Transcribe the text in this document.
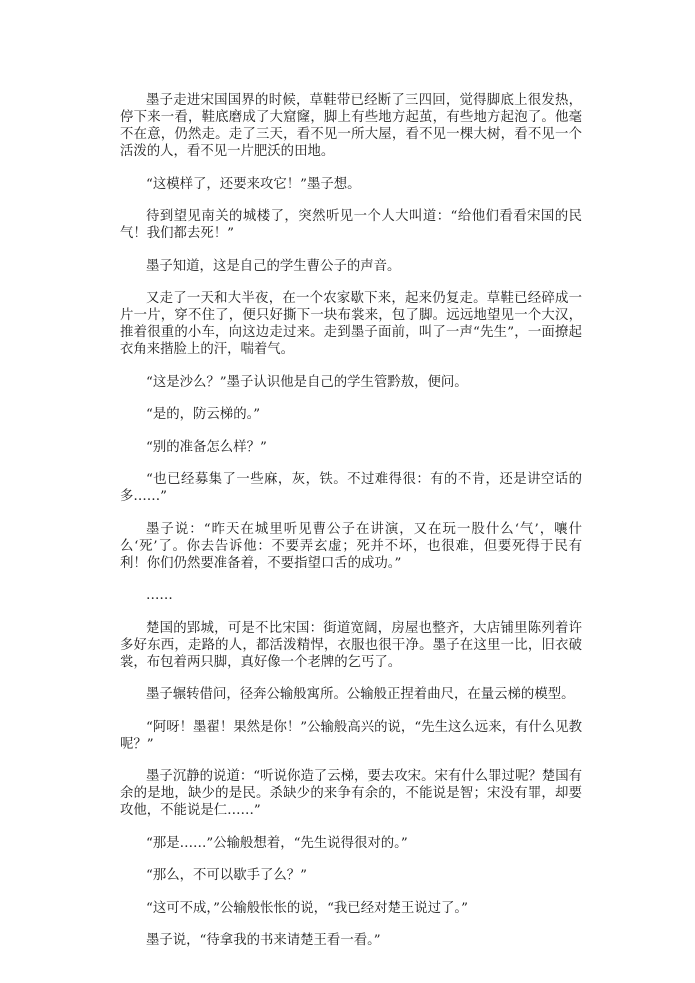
墨子走进宋国国界的时候，草鞋带已经断了三四回，觉得脚底上很发热，停下来一看，鞋底磨成了大窟窿，脚上有些地方起茧，有些地方起泡了。他毫不在意，仍然走。走了三天，看不见一所大屋，看不见一棵大树，看不见一个活泼的人，看不见一片肥沃的田地。

“这模样了，还要来攻它！”墨子想。

待到望见南关的城楼了，突然听见一个人大叫道：“给他们看看宋国的民气！我们都去死！”

墨子知道，这是自己的学生曹公子的声音。

又走了一天和大半夜，在一个农家歇下来，起来仍复走。草鞋已经碎成一片一片，穿不住了，便只好撕下一块布裳来，包了脚。远远地望见一个大汉，推着很重的小车，向这边走过来。走到墨子面前，叫了一声“先生”，一面撩起衣角来揩脸上的汗，喘着气。

“这是沙么？”墨子认识他是自己的学生管黔敖，便问。

“是的，防云梯的。”

“别的准备怎么样？”

“也已经募集了一些麻，灰，铁。不过难得很：有的不肯，还是讲空话的多……”

墨子说：“昨天在城里听见曹公子在讲演，又在玩一股什么‘气’，嚷什么‘死’了。你去告诉他：不要弄玄虚；死并不坏，也很难，但要死得于民有利！你们仍然要准备着，不要指望口舌的成功。”

……

楚国的郢城，可是不比宋国：街道宽阔，房屋也整齐，大店铺里陈列着许多好东西，走路的人，都活泼精悍，衣服也很干净。墨子在这里一比，旧衣破裳，布包着两只脚，真好像一个老牌的乞丐了。

墨子辗转借问，径奔公输般寓所。公输般正捏着曲尺，在量云梯的模型。

“阿呀！墨翟！果然是你！”公输般高兴的说，“先生这么远来，有什么见教呢？”

墨子沉静的说道：“听说你造了云梯，要去攻宋。宋有什么罪过呢？楚国有余的是地，缺少的是民。杀缺少的来争有余的，不能说是智；宋没有罪，却要攻他，不能说是仁……”

“那是……”公输般想着，“先生说得很对的。”

“那么，不可以歇手了么？”

“这可不成，”公输般怅怅的说，“我已经对楚王说过了。”

墨子说，“待拿我的书来请楚王看一看。”
